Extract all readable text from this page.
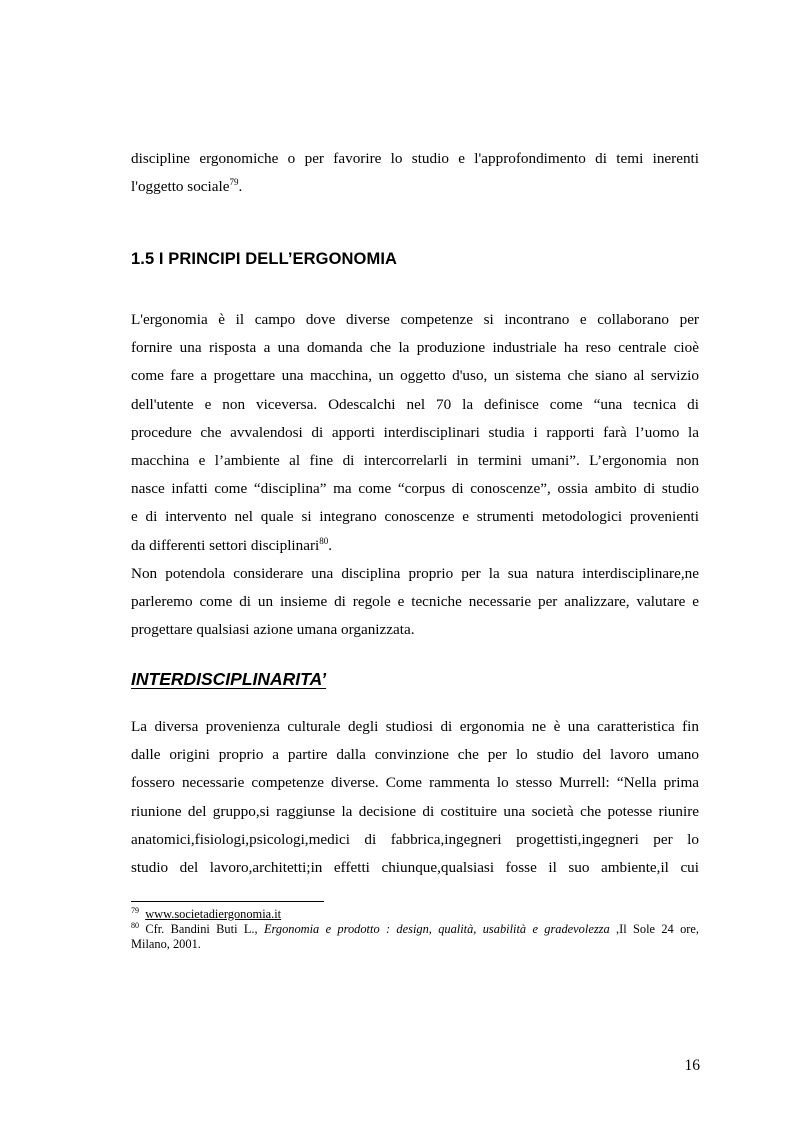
discipline ergonomiche o per favorire lo studio e l'approfondimento di temi inerenti
l'oggetto sociale$^{79}$.
1.5 I PRINCIPI DELL’ERGONOMIA
L'ergonomia è il campo dove diverse competenze si incontrano e collaborano per
fornire una risposta a una domanda che la produzione industriale ha reso centrale cioè
come fare a progettare una macchina, un oggetto d'uso, un sistema che siano al servizio
dell'utente e non viceversa. Odescalchi nel 70 la definisce come “una tecnica di
procedure che avvalendosi di apporti interdisciplinari studia i rapporti farà l’uomo la
macchina e l’ambiente al fine di intercorrelarli in termini umani”. L’ergonomia non
nasce infatti come “disciplina” ma come “corpus di conoscenze”, ossia ambito di studio
e di intervento nel quale si integrano conoscenze e strumenti metodologici provenienti
da differenti settori disciplinari$^{80}$.
Non potendola considerare una disciplina proprio per la sua natura interdisciplinare,ne
parleremo come di un insieme di regole e tecniche necessarie per analizzare, valutare e
progettare qualsiasi azione umana organizzata.
INTERDISCIPLINARITA’
La diversa provenienza culturale degli studiosi di ergonomia ne è una caratteristica fin
dalle origini proprio a partire dalla convinzione che per lo studio del lavoro umano
fossero necessarie competenze diverse. Come rammenta lo stesso Murrell: “Nella prima
riunione del gruppo,si raggiunse la decisione di costituire una società che potesse riunire
anatomici,fisiologi,psicologi,medici di fabbrica,ingegneri progettisti,ingegneri per lo
studio del lavoro,architetti;in effetti chiunque,qualsiasi fosse il suo ambiente,il cui
$^{79}$ www.societadiergonomia.it
$^{80}$ Cfr. Bandini Buti L., Ergonomia e prodotto : design, qualità, usabilità e gradevolezza ,Il Sole 24 ore,
Milano, 2001.
16
